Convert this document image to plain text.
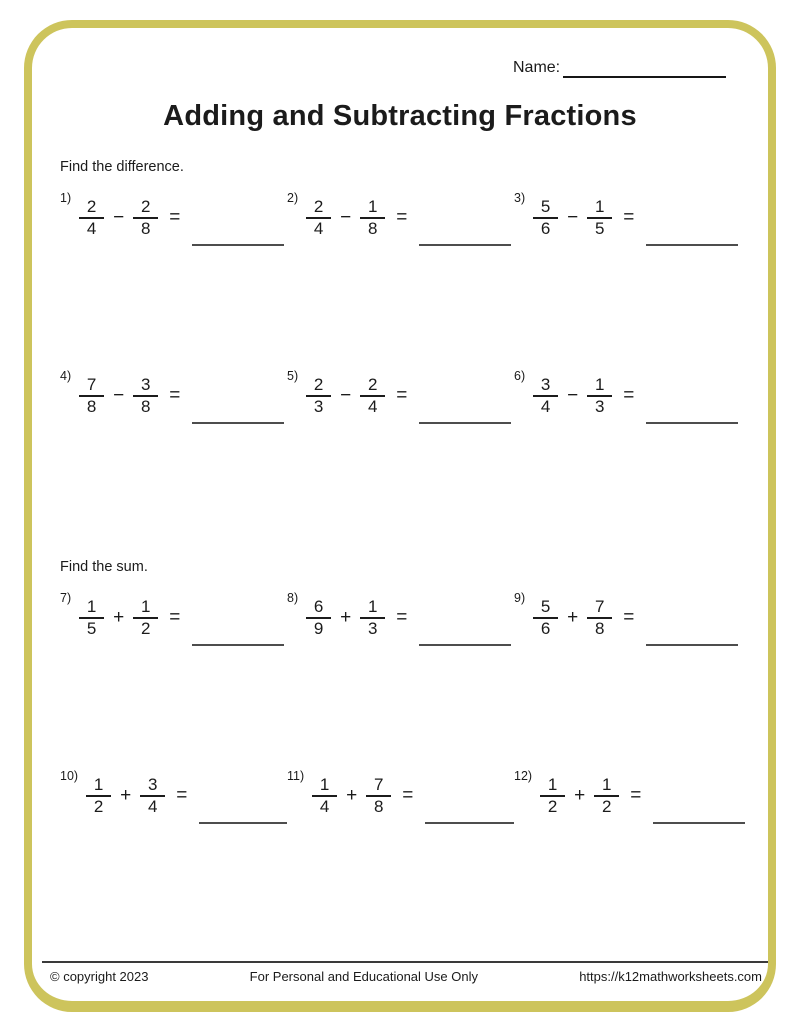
Name:
Adding and Subtracting Fractions
Find the difference.
$1) \frac{2}{4} - \frac{2}{8}$ =
$2) \frac{2}{4} - \frac{1}{8}$ =
$3) \frac{5}{6} - \frac{1}{5}$ =
$4) \frac{7}{8} - \frac{3}{8}$ =
$5) \frac{2}{3} - \frac{2}{4}$ =
$6) \frac{3}{4} - \frac{1}{3}$ =
Find the sum.
$7) \frac{1}{5} + \frac{1}{2}$ =
$8) \frac{6}{9} + \frac{1}{3}$ =
$9) \frac{5}{6} + \frac{7}{8}$ =
$10) \frac{1}{2} + \frac{3}{4}$ =
$11) \frac{1}{4} + \frac{7}{8}$ =
$12) \frac{1}{2} + \frac{1}{2}$ =
© copyright 2023	For Personal and Educational Use Only	https://k12mathworksheets.com
